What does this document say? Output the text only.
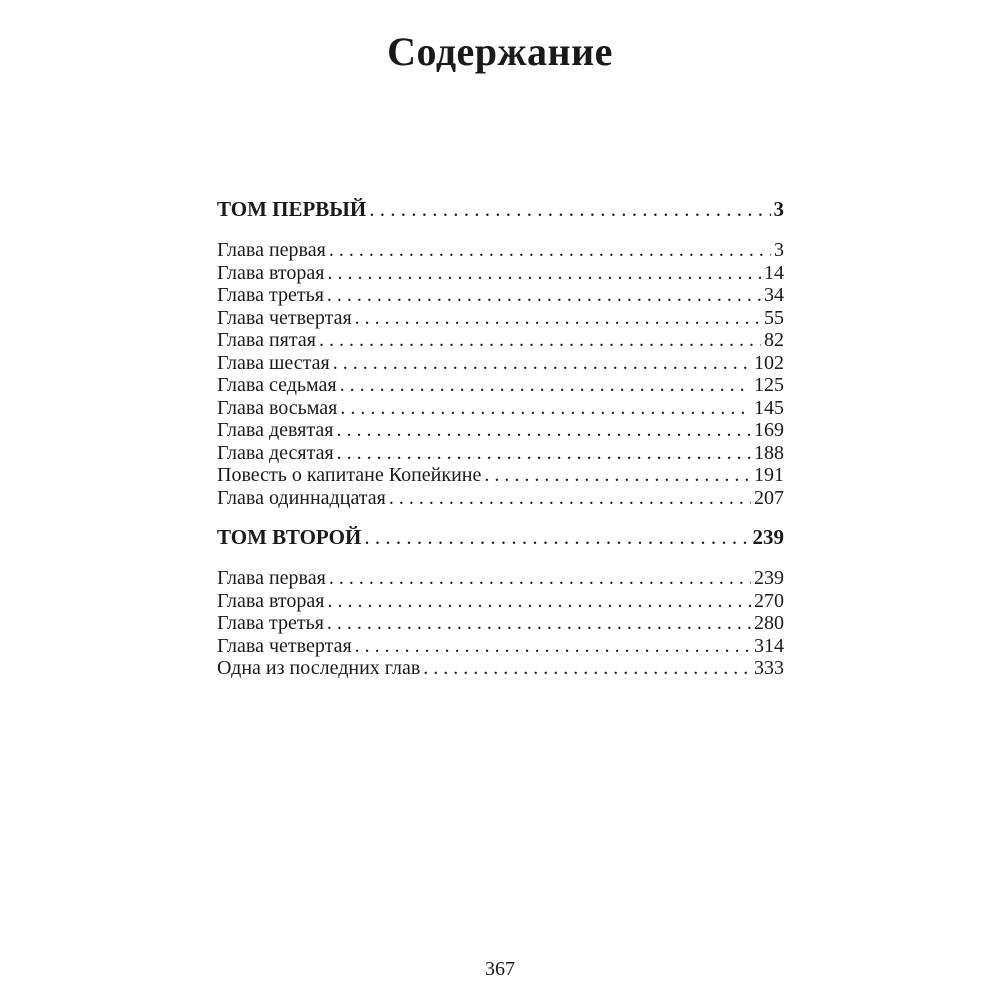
Содержание
ТОМ ПЕРВЫЙ . . .	3
Глава первая . . .	3
Глава вторая . . .	14
Глава третья . . .	34
Глава четвертая . . .	55
Глава пятая . . .	82
Глава шестая . . .	102
Глава седьмая . . .	125
Глава восьмая . . .	145
Глава девятая . . .	169
Глава десятая . . .	188
Повесть о капитане Копейкине . . .	191
Глава одиннадцатая . . .	207
ТОМ ВТОРОЙ . . .	239
Глава первая . . .	239
Глава вторая . . .	270
Глава третья . . .	280
Глава четвертая . . .	314
Одна из последних глав . . .	333
367
